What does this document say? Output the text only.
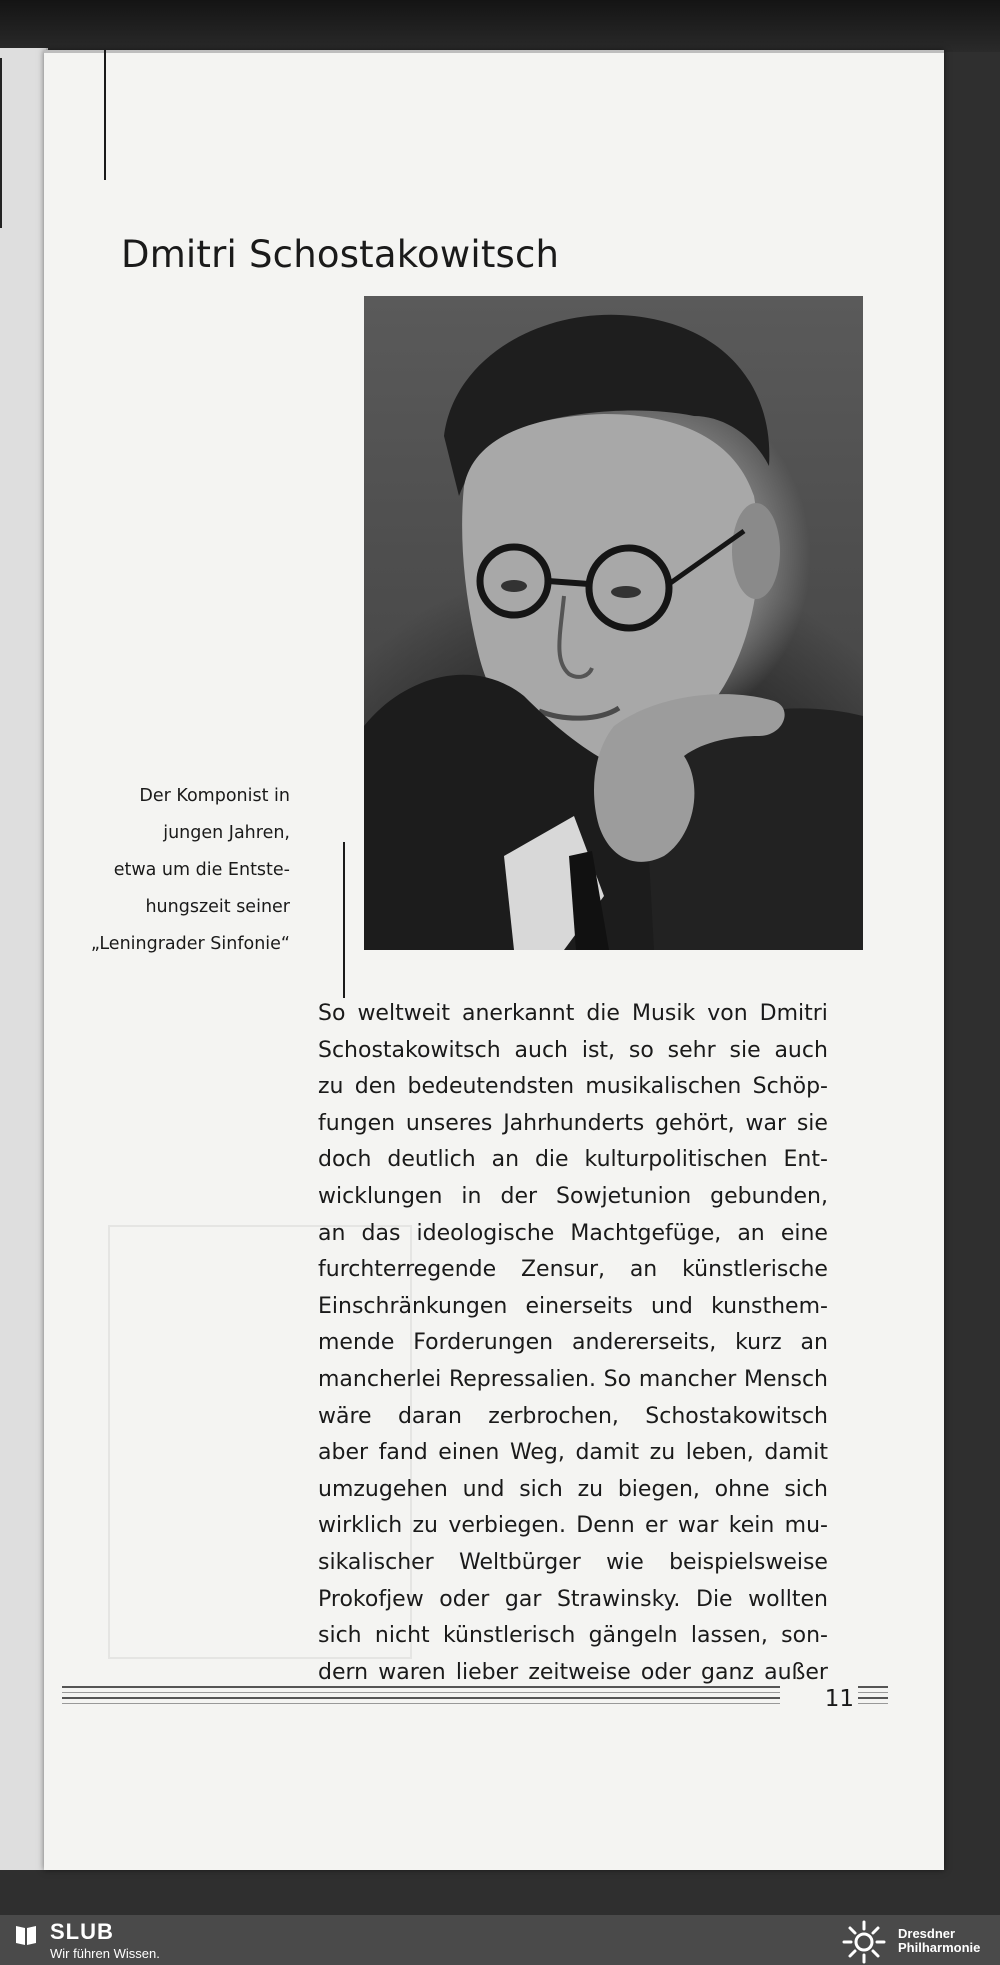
Dmitri Schostakowitsch
Der Komponist in
jungen Jahren,
etwa um die Entste-
hungszeit seiner
„Leningrader Sinfonie“
So weltweit anerkannt die Musik von Dmitri
Schostakowitsch auch ist, so sehr sie auch
zu den bedeutendsten musikalischen Schöp-
fungen unseres Jahrhunderts gehört, war sie
doch deutlich an die kulturpolitischen Ent-
wicklungen in der Sowjetunion gebunden,
an das ideologische Machtgefüge, an eine
furchterregende Zensur, an künstlerische
Einschränkungen einerseits und kunsthem-
mende Forderungen andererseits, kurz an
mancherlei Repressalien. So mancher Mensch
wäre daran zerbrochen, Schostakowitsch
aber fand einen Weg, damit zu leben, damit
umzugehen und sich zu biegen, ohne sich
wirklich zu verbiegen. Denn er war kein mu-
sikalischer Weltbürger wie beispielsweise
Prokofjew oder gar Strawinsky. Die wollten
sich nicht künstlerisch gängeln lassen, son-
dern waren lieber zeitweise oder ganz außer
11
SLUB
Wir führen Wissen.
Dresdner
Philharmonie
